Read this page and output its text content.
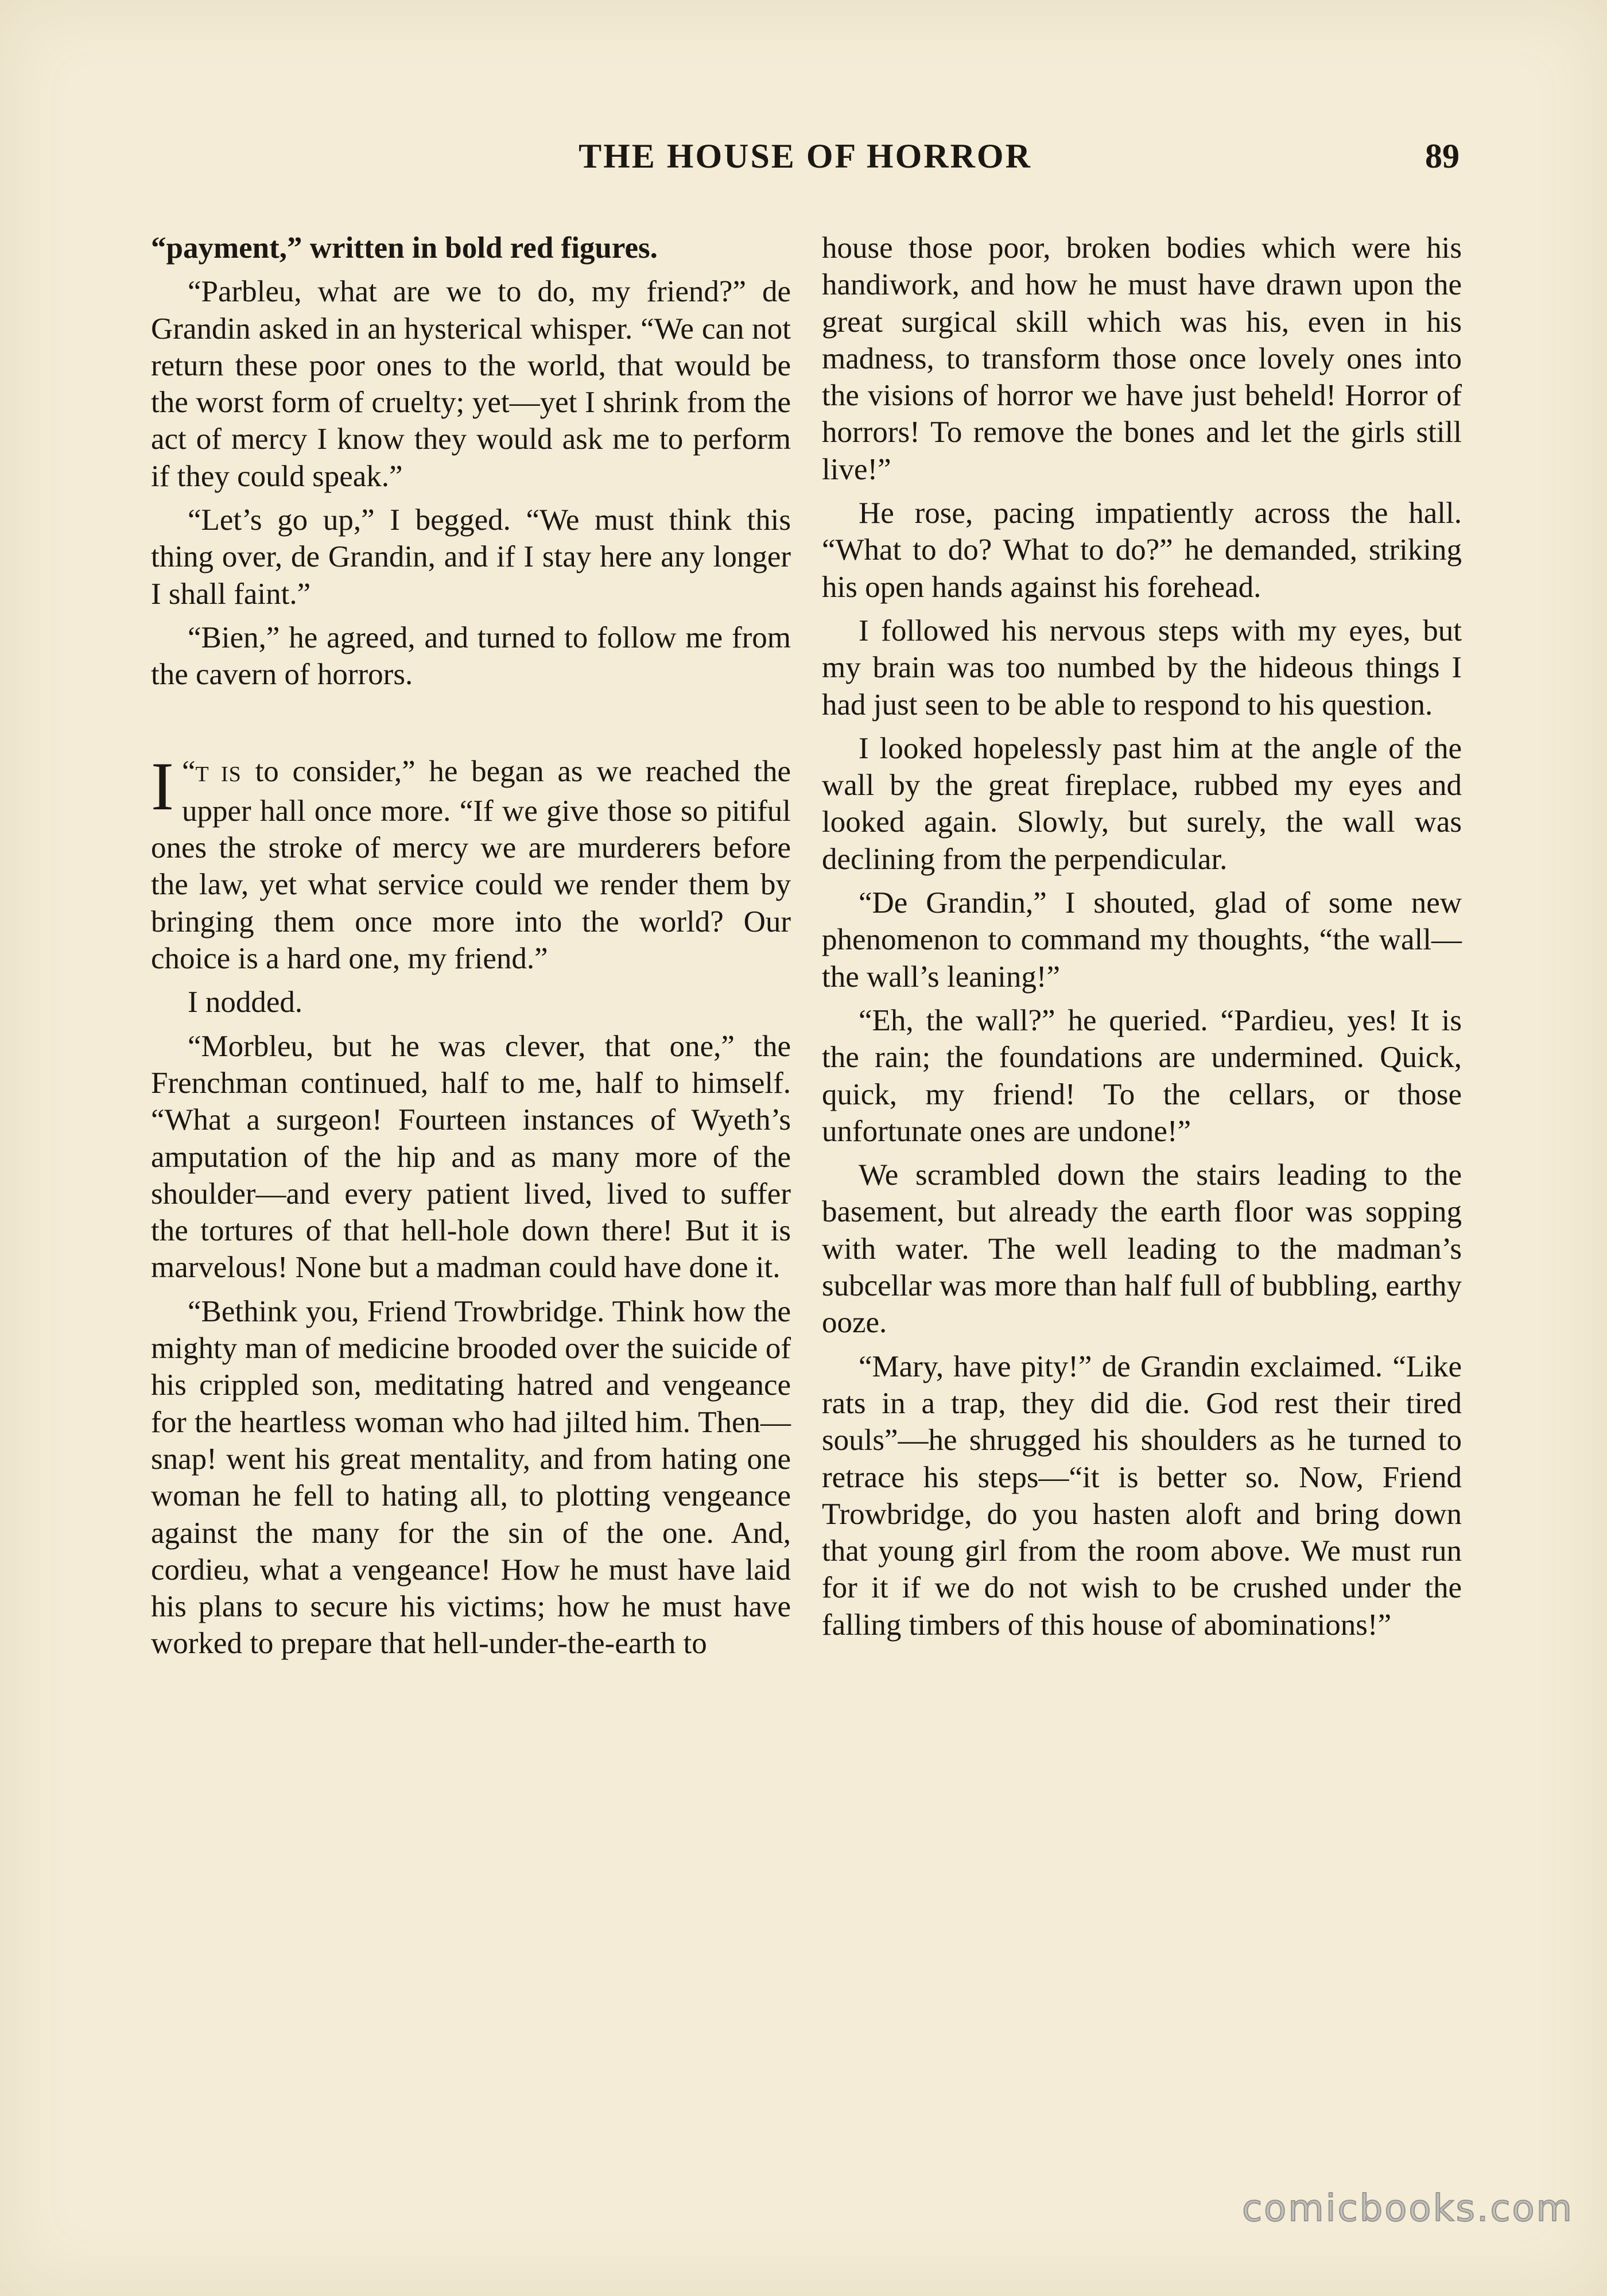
THE HOUSE OF HORROR	89

“payment,” written in bold red figures.

“Parbleu, what are we to do, my friend?” de Grandin asked in an hysterical whisper. “We can not return these poor ones to the world, that would be the worst form of cruelty; yet—yet I shrink from the act of mercy I know they would ask me to perform if they could speak.”

“Let’s go up,” I begged. “We must think this thing over, de Grandin, and if I stay here any longer I shall faint.”

“Bien,” he agreed, and turned to follow me from the cavern of horrors.

“
I T IS to consider,” he began as we reached the upper hall once more. “If we give those so pitiful ones the stroke of mercy we are murderers before the law, yet what service could we render them by bringing them once more into the world? Our choice is a hard one, my friend.”

I nodded.

“Morbleu, but he was clever, that one,” the Frenchman continued, half to me, half to himself. “What a surgeon! Fourteen instances of Wyeth’s amputation of the hip and as many more of the shoulder—and every patient lived, lived to suffer the tortures of that hell-hole down there! But it is marvelous! None but a madman could have done it.

“Bethink you, Friend Trowbridge. Think how the mighty man of medicine brooded over the suicide of his crippled son, meditating hatred and vengeance for the heartless woman who had jilted him. Then—snap! went his great mentality, and from hating one woman he fell to hating all, to plotting vengeance against the many for the sin of the one. And, cordieu, what a vengeance! How he must have laid his plans to secure his victims; how he must have worked to prepare that hell-under-the-earth to

house those poor, broken bodies which were his handiwork, and how he must have drawn upon the great surgical skill which was his, even in his madness, to transform those once lovely ones into the visions of horror we have just beheld! Horror of horrors! To remove the bones and let the girls still live!”

He rose, pacing impatiently across the hall. “What to do? What to do?” he demanded, striking his open hands against his forehead.

I followed his nervous steps with my eyes, but my brain was too numbed by the hideous things I had just seen to be able to respond to his question.

I looked hopelessly past him at the angle of the wall by the great fireplace, rubbed my eyes and looked again. Slowly, but surely, the wall was declining from the perpendicular.

“De Grandin,” I shouted, glad of some new phenomenon to command my thoughts, “the wall—the wall’s leaning!”

“Eh, the wall?” he queried. “Pardieu, yes! It is the rain; the foundations are undermined. Quick, quick, my friend! To the cellars, or those unfortunate ones are undone!”

We scrambled down the stairs leading to the basement, but already the earth floor was sopping with water. The well leading to the madman’s subcellar was more than half full of bubbling, earthy ooze.

“Mary, have pity!” de Grandin exclaimed. “Like rats in a trap, they did die. God rest their tired souls”—he shrugged his shoulders as he turned to retrace his steps—“it is better so. Now, Friend Trowbridge, do you hasten aloft and bring down that young girl from the room above. We must run for it if we do not wish to be crushed under the falling timbers of this house of abominations!”

comicbooks.com
